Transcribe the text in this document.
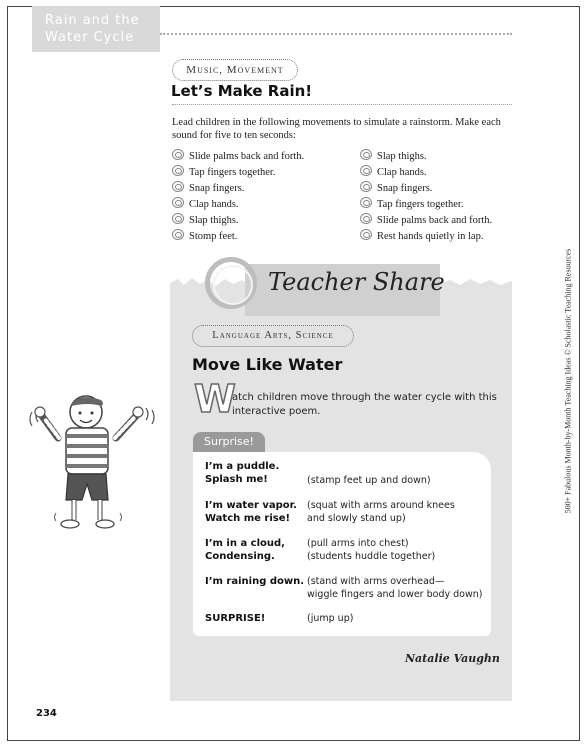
Rain and the
Water Cycle
Music, Movement
Let’s Make Rain!
Lead children in the following movements to simulate a rainstorm. Make each sound for five to ten seconds:
Slide palms back and forth.
Tap fingers together.
Snap fingers.
Clap hands.
Slap thighs.
Stomp feet.
Slap thighs.
Clap hands.
Snap fingers.
Tap fingers together.
Slide palms back and forth.
Rest hands quietly in lap.
Teacher Share
Language Arts, Science
Move Like Water
W
atch children move through the water cycle with this
interactive poem.
Surprise!
I’m a puddle.
Splash me!	(stamp feet up and down)
I’m water vapor.
Watch me rise!
(squat with arms around knees
and slowly stand up)
I’m in a cloud,
Condensing.
(pull arms into chest)
(students huddle together)
I’m raining down. (stand with arms overhead—
wiggle fingers and lower body down)
SURPRISE!	(jump up)
Natalie Vaughn
500+ Fabulous Month-by-Month Teaching Ideas © Scholastic Teaching Resources
234
